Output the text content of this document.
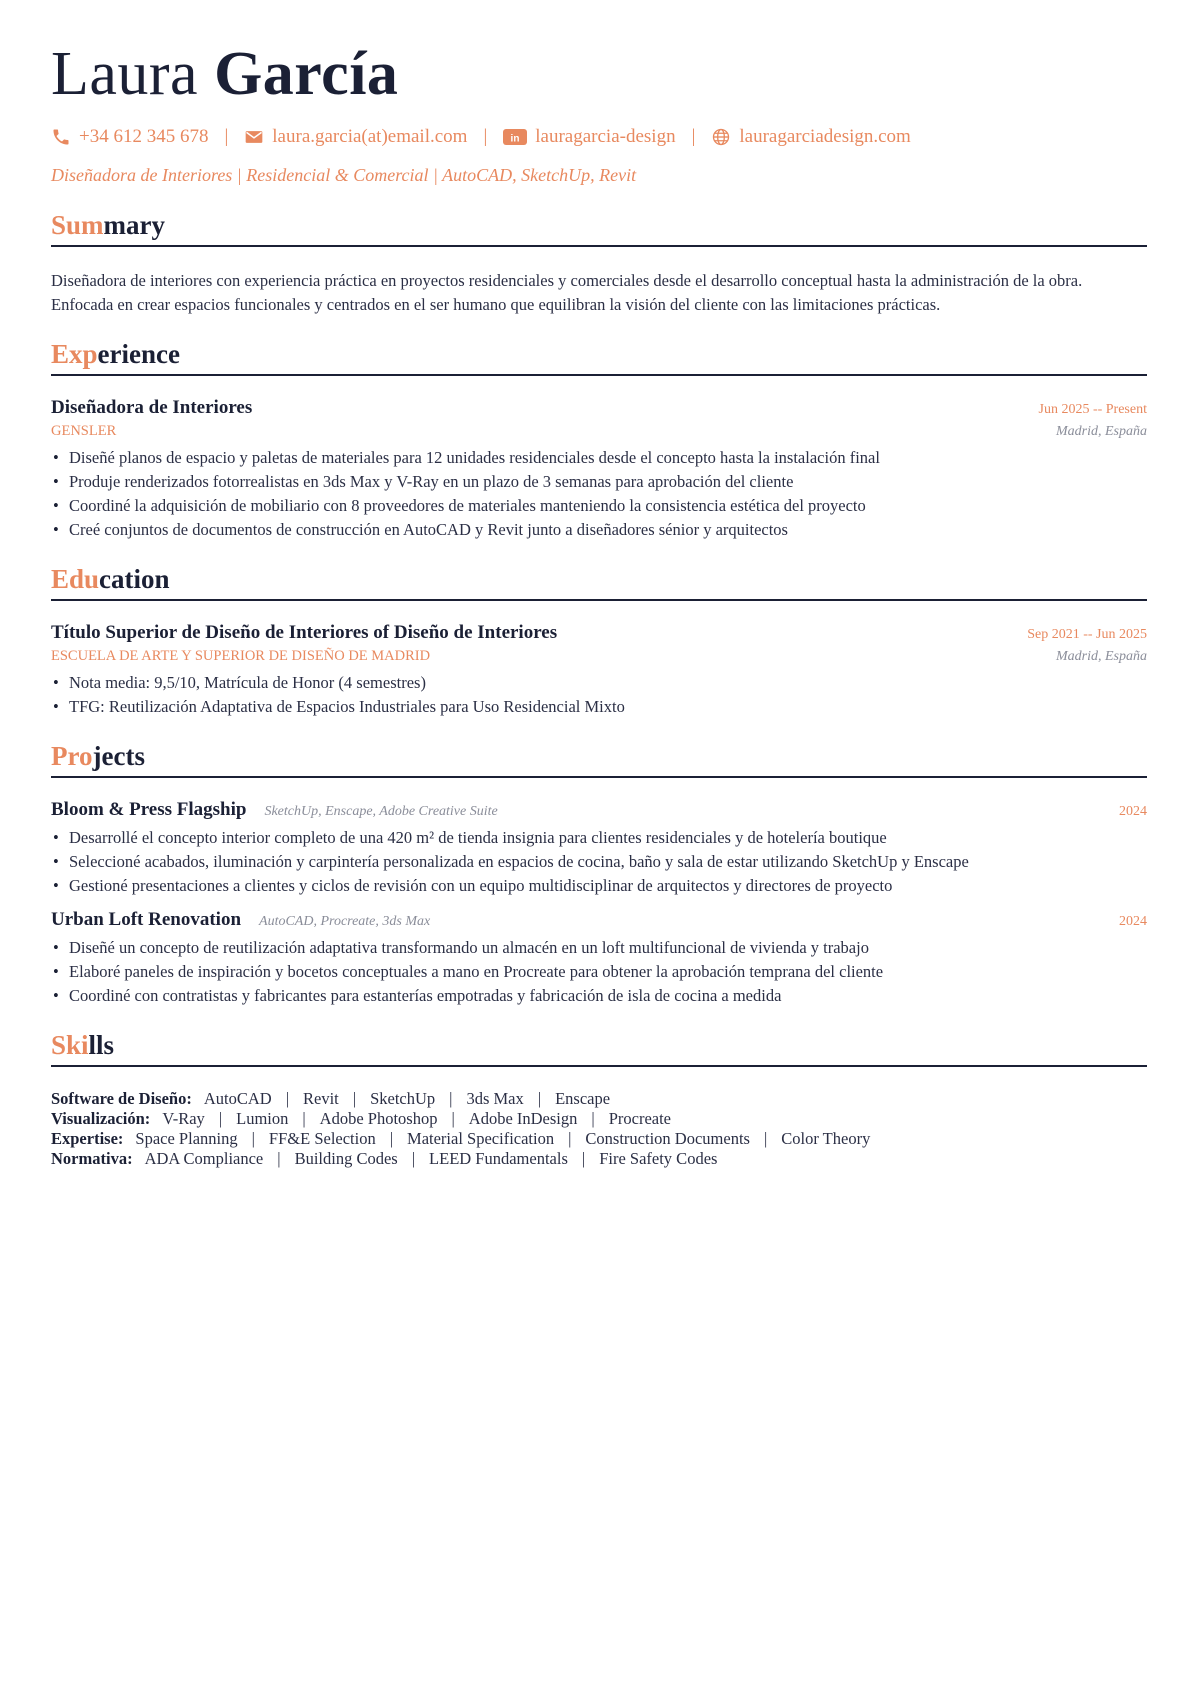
Laura García
+34 612 345 678 | laura.garcia(at)email.com | in lauragarcia-design | lauragarciadesign.com
Diseñadora de Interiores | Residencial & Comercial | AutoCAD, SketchUp, Revit
Summary
Diseñadora de interiores con experiencia práctica en proyectos residenciales y comerciales desde el desarrollo conceptual hasta la administración de la obra. Enfocada en crear espacios funcionales y centrados en el ser humano que equilibran la visión del cliente con las limitaciones prácticas.
Experience
Diseñadora de Interiores	Jun 2025 -- Present
GENSLER	Madrid, España
• Diseñé planos de espacio y paletas de materiales para 12 unidades residenciales desde el concepto hasta la instalación final
• Produje renderizados fotorrealistas en 3ds Max y V-Ray en un plazo de 3 semanas para aprobación del cliente
• Coordiné la adquisición de mobiliario con 8 proveedores de materiales manteniendo la consistencia estética del proyecto
• Creé conjuntos de documentos de construcción en AutoCAD y Revit junto a diseñadores sénior y arquitectos
Education
Título Superior de Diseño de Interiores of Diseño de Interiores	Sep 2021 -- Jun 2025
ESCUELA DE ARTE Y SUPERIOR DE DISEÑO DE MADRID	Madrid, España
• Nota media: 9,5/10, Matrícula de Honor (4 semestres)
• TFG: Reutilización Adaptativa de Espacios Industriales para Uso Residencial Mixto
Projects
Bloom & Press Flagship SketchUp, Enscape, Adobe Creative Suite	2024
• Desarrollé el concepto interior completo de una 420 m² de tienda insignia para clientes residenciales y de hotelería boutique
• Seleccioné acabados, iluminación y carpintería personalizada en espacios de cocina, baño y sala de estar utilizando SketchUp y Enscape
• Gestioné presentaciones a clientes y ciclos de revisión con un equipo multidisciplinar de arquitectos y directores de proyecto
Urban Loft Renovation AutoCAD, Procreate, 3ds Max	2024
• Diseñé un concepto de reutilización adaptativa transformando un almacén en un loft multifuncional de vivienda y trabajo
• Elaboré paneles de inspiración y bocetos conceptuales a mano en Procreate para obtener la aprobación temprana del cliente
• Coordiné con contratistas y fabricantes para estanterías empotradas y fabricación de isla de cocina a medida
Skills
Software de Diseño: AutoCAD | Revit | SketchUp | 3ds Max | Enscape
Visualización: V-Ray | Lumion | Adobe Photoshop | Adobe InDesign | Procreate
Expertise: Space Planning | FF&E Selection | Material Specification | Construction Documents | Color Theory
Normativa: ADA Compliance | Building Codes | LEED Fundamentals | Fire Safety Codes
